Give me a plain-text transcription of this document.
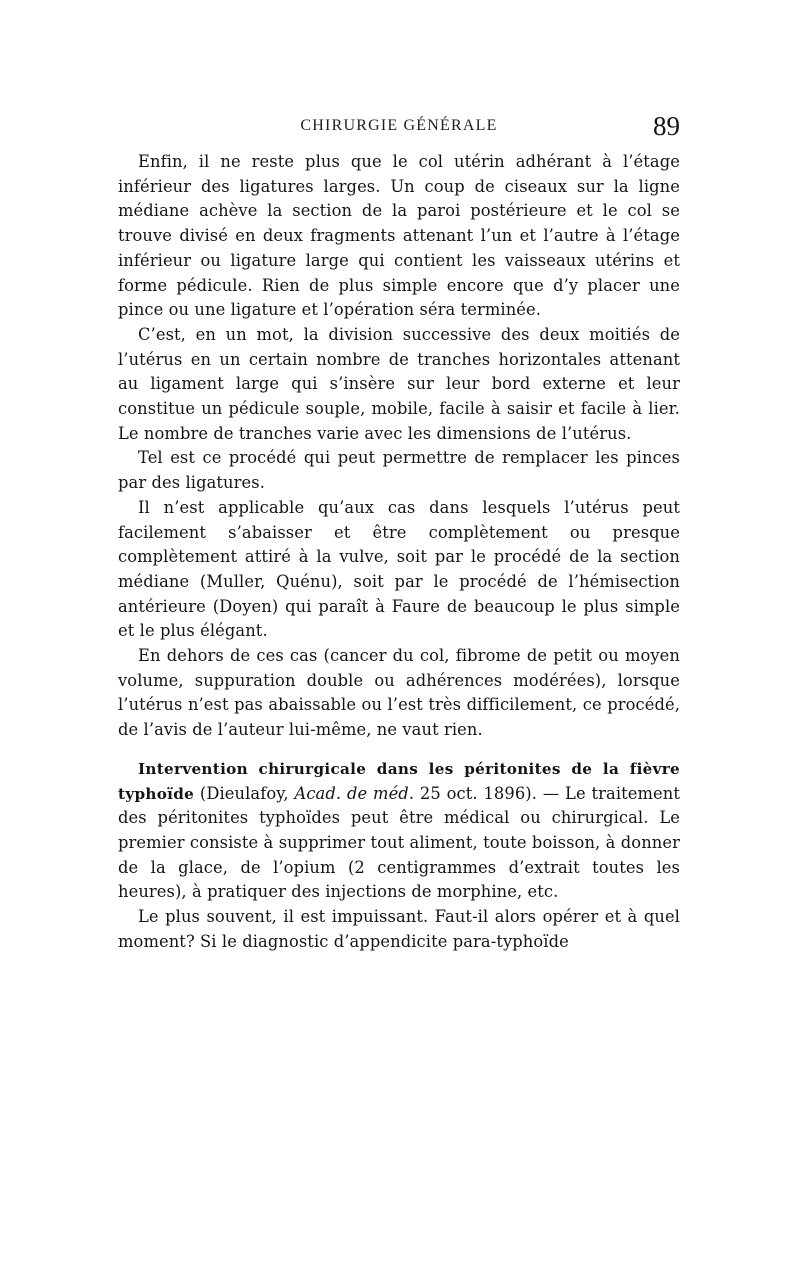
CHIRURGIE GÉNÉRALE	89

Enfin, il ne reste plus que le col utérin adhérant à l’étage inférieur des ligatures larges. Un coup de ciseaux sur la ligne médiane achève la section de la paroi postérieure et le col se trouve divisé en deux fragments attenant l’un et l’autre à l’étage inférieur ou ligature large qui contient les vaisseaux utérins et forme pédicule. Rien de plus simple encore que d’y placer une pince ou une ligature et l’opération séra terminée.

C’est, en un mot, la division successive des deux moitiés de l’utérus en un certain nombre de tranches horizontales attenant au ligament large qui s’insère sur leur bord externe et leur constitue un pédicule souple, mobile, facile à saisir et facile à lier. Le nombre de tranches varie avec les dimensions de l’utérus.

Tel est ce procédé qui peut permettre de remplacer les pinces par des ligatures.

Il n’est applicable qu’aux cas dans lesquels l’utérus peut facilement s’abaisser et être complètement ou presque complètement attiré à la vulve, soit par le procédé de la section médiane (Muller, Quénu), soit par le procédé de l’hémisection antérieure (Doyen) qui paraît à Faure de beaucoup le plus simple et le plus élégant.

En dehors de ces cas (cancer du col, fibrome de petit ou moyen volume, suppuration double ou adhérences modérées), lorsque l’utérus n’est pas abaissable ou l’est très difficilement, ce procédé, de l’avis de l’auteur lui-même, ne vaut rien.

Intervention chirurgicale dans les péritonites de la fièvre typhoïde (Dieulafoy, Acad. de méd. 25 oct. 1896). — Le traitement des péritonites typhoïdes peut être médical ou chirurgical. Le premier consiste à supprimer tout aliment, toute boisson, à donner de la glace, de l’opium (2 centigrammes d’extrait toutes les heures), à pratiquer des injections de morphine, etc.

Le plus souvent, il est impuissant. Faut-il alors opérer et à quel moment? Si le diagnostic d’appendicite para-typhoïde
